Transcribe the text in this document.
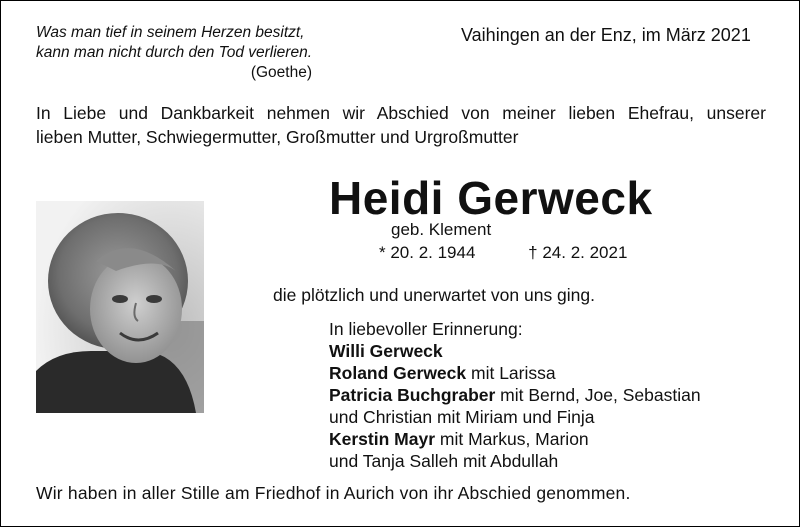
Was man tief in seinem Herzen besitzt,
kann man nicht durch den Tod verlieren.
(Goethe)
Vaihingen an der Enz, im März 2021
In Liebe und Dankbarkeit nehmen wir Abschied von meiner lieben Ehefrau, unserer
lieben Mutter, Schwiegermutter, Großmutter und Urgroßmutter
Heidi Gerweck
geb. Klement
* 20. 2. 1944	† 24. 2. 2021
die plötzlich und unerwartet von uns ging.
In liebevoller Erinnerung:
Willi Gerweck
Roland Gerweck mit Larissa
Patricia Buchgraber mit Bernd, Joe, Sebastian
und Christian mit Miriam und Finja
Kerstin Mayr mit Markus, Marion
und Tanja Salleh mit Abdullah
Wir haben in aller Stille am Friedhof in Aurich von ihr Abschied genommen.
